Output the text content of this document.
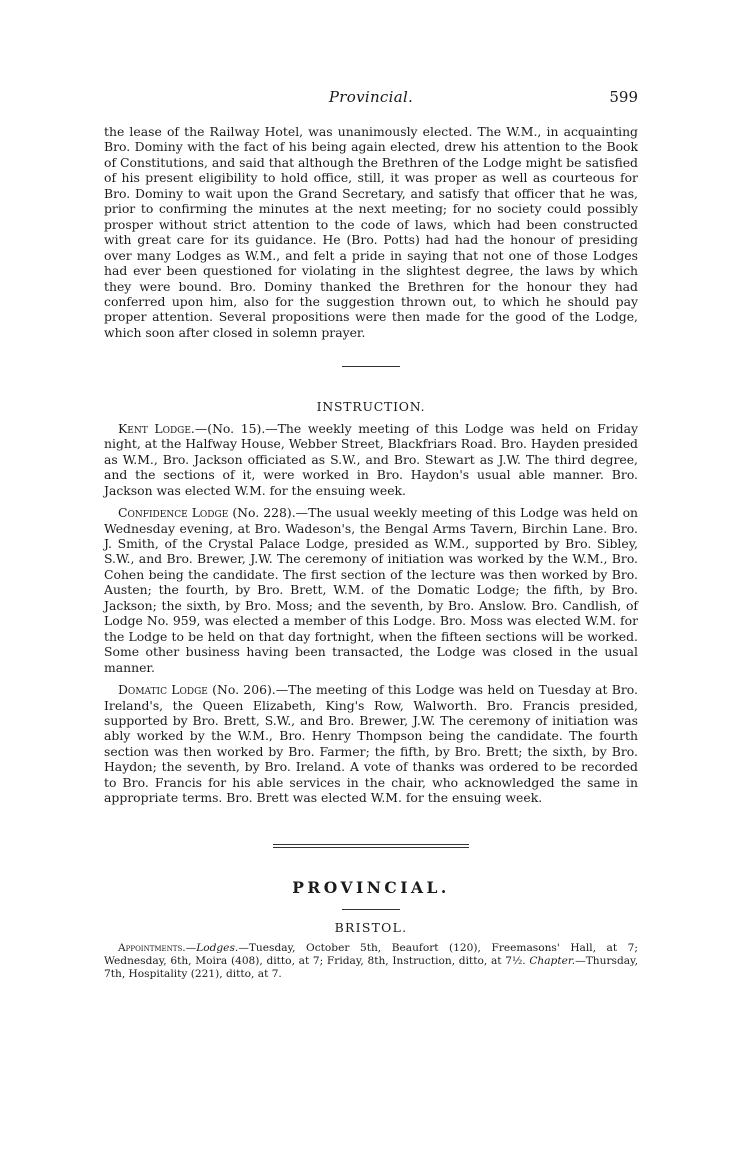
Provincial.	599

the lease of the Railway Hotel, was unanimously elected. The W.M., in acquainting Bro. Dominy with the fact of his being again elected, drew his attention to the Book of Constitutions, and said that although the Brethren of the Lodge might be satisfied of his present eligibility to hold office, still, it was proper as well as courteous for Bro. Dominy to wait upon the Grand Secretary, and satisfy that officer that he was, prior to confirming the minutes at the next meeting; for no society could possibly prosper without strict attention to the code of laws, which had been constructed with great care for its guidance. He (Bro. Potts) had had the honour of presiding over many Lodges as W.M., and felt a pride in saying that not one of those Lodges had ever been questioned for violating in the slightest degree, the laws by which they were bound. Bro. Dominy thanked the Brethren for the honour they had conferred upon him, also for the suggestion thrown out, to which he should pay proper attention. Several propositions were then made for the good of the Lodge, which soon after closed in solemn prayer.

INSTRUCTION.

Kent Lodge.—(No. 15).—The weekly meeting of this Lodge was held on Friday night, at the Halfway House, Webber Street, Blackfriars Road. Bro. Hayden presided as W.M., Bro. Jackson officiated as S.W., and Bro. Stewart as J.W. The third degree, and the sections of it, were worked in Bro. Haydon's usual able manner. Bro. Jackson was elected W.M. for the ensuing week.

Confidence Lodge (No. 228).—The usual weekly meeting of this Lodge was held on Wednesday evening, at Bro. Wadeson's, the Bengal Arms Tavern, Birchin Lane. Bro. J. Smith, of the Crystal Palace Lodge, presided as W.M., supported by Bro. Sibley, S.W., and Bro. Brewer, J.W. The ceremony of initiation was worked by the W.M., Bro. Cohen being the candidate. The first section of the lecture was then worked by Bro. Austen; the fourth, by Bro. Brett, W.M. of the Domatic Lodge; the fifth, by Bro. Jackson; the sixth, by Bro. Moss; and the seventh, by Bro. Anslow. Bro. Candlish, of Lodge No. 959, was elected a member of this Lodge. Bro. Moss was elected W.M. for the Lodge to be held on that day fortnight, when the fifteen sections will be worked. Some other business having been transacted, the Lodge was closed in the usual manner.

Domatic Lodge (No. 206).—The meeting of this Lodge was held on Tuesday at Bro. Ireland's, the Queen Elizabeth, King's Row, Walworth. Bro. Francis presided, supported by Bro. Brett, S.W., and Bro. Brewer, J.W. The ceremony of initiation was ably worked by the W.M., Bro. Henry Thompson being the candidate. The fourth section was then worked by Bro. Farmer; the fifth, by Bro. Brett; the sixth, by Bro. Haydon; the seventh, by Bro. Ireland. A vote of thanks was ordered to be recorded to Bro. Francis for his able services in the chair, who acknowledged the same in appropriate terms. Bro. Brett was elected W.M. for the ensuing week.

PROVINCIAL.
BRISTOL.

Appointments.—Lodges.—Tuesday, October 5th, Beaufort (120), Freemasons' Hall, at 7; Wednesday, 6th, Moira (408), ditto, at 7; Friday, 8th, Instruction, ditto, at 7½. Chapter.—Thursday, 7th, Hospitality (221), ditto, at 7.
